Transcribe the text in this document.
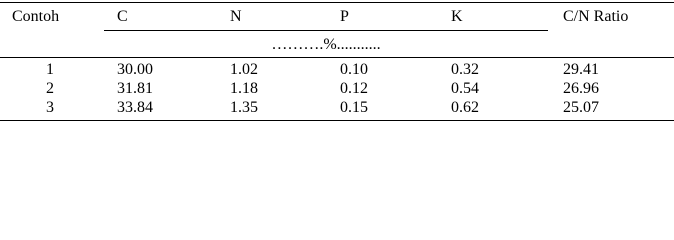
Contoh	C	N	P	K	C/N Ratio
……….%...........
1	30.00	1.02	0.10	0.32	29.41
2	31.81	1.18	0.12	0.54	26.96
3	33.84	1.35	0.15	0.62	25.07
